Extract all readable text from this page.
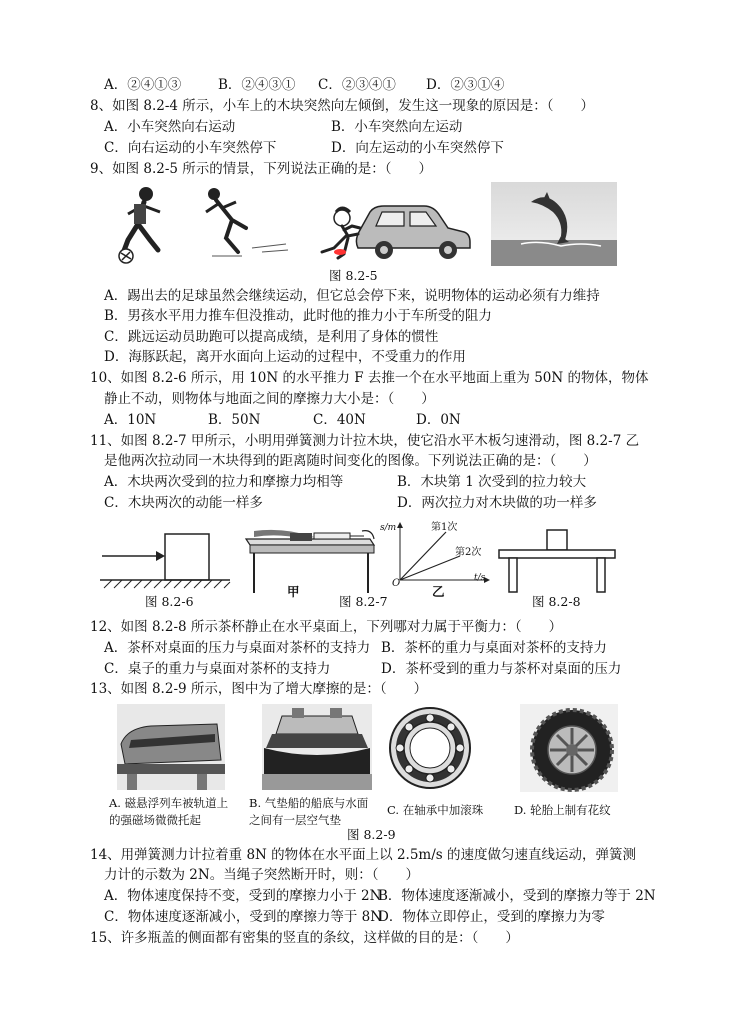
A．②④①③	B．②④③① C．②③④① D．②③①④
8、如图 8.2-4 所示，小车上的木块突然向左倾倒，发生这一现象的原因是：（　　）
A．小车突然向右运动	B．小车突然向左运动
C．向右运动的小车突然停下	D．向左运动的小车突然停下
9、如图 8.2-5 所示的情景，下列说法正确的是：（　　）
图 8.2-5
A．踢出去的足球虽然会继续运动，但它总会停下来，说明物体的运动必须有力维持
B．男孩水平用力推车但没推动，此时他的推力小于车所受的阻力
C．跳远运动员助跑可以提高成绩，是利用了身体的惯性
D．海豚跃起，离开水面向上运动的过程中，不受重力的作用
10、如图 8.2-6 所示，用 10N 的水平推力 F 去推一个在水平地面上重为 50N 的物体，物体
静止不动，则物体与地面之间的摩擦力大小是：（　　）
A．10N	B．50N	C．40N	D．0N
11、如图 8.2-7 甲所示，小明用弹簧测力计拉木块，使它沿水平木板匀速滑动，图 8.2-7 乙
是他两次拉动同一木块得到的距离随时间变化的图像。下列说法正确的是：（　　）
A．木块两次受到的拉力和摩擦力均相等	B．木块第 1 次受到的拉力较大
C．木块两次的动能一样多	D．两次拉力对木块做的功一样多
图 8.2-6
甲
图 8.2-7
s/m
t/s
O
第1次
第2次
乙
图 8.2-8
12、如图 8.2-8 所示茶杯静止在水平桌面上，下列哪对力属于平衡力：（　　）
A．茶杯对桌面的压力与桌面对茶杯的支持力 B．茶杯的重力与桌面对茶杯的支持力
C．桌子的重力与桌面对茶杯的支持力	D．茶杯受到的重力与茶杯对桌面的压力
13、如图 8.2-9 所示，图中为了增大摩擦的是：（　　）
A. 磁悬浮列车被轨道上的强磁场微微托起
B. 气垫船的船底与水面之间有一层空气垫
C. 在轴承中加滚珠	D. 轮胎上制有花纹
图 8.2-9
14、用弹簧测力计拉着重 8N 的物体在水平面上以 2.5m/s 的速度做匀速直线运动，弹簧测
力计的示数为 2N。当绳子突然断开时，则：（　　）
A．物体速度保持不变，受到的摩擦力小于 2N
B．物体速度逐渐减小，受到的摩擦力等于 2N
C．物体速度逐渐减小，受到的摩擦力等于 8N
D．物体立即停止，受到的摩擦力为零
15、许多瓶盖的侧面都有密集的竖直的条纹，这样做的目的是：（　　）
